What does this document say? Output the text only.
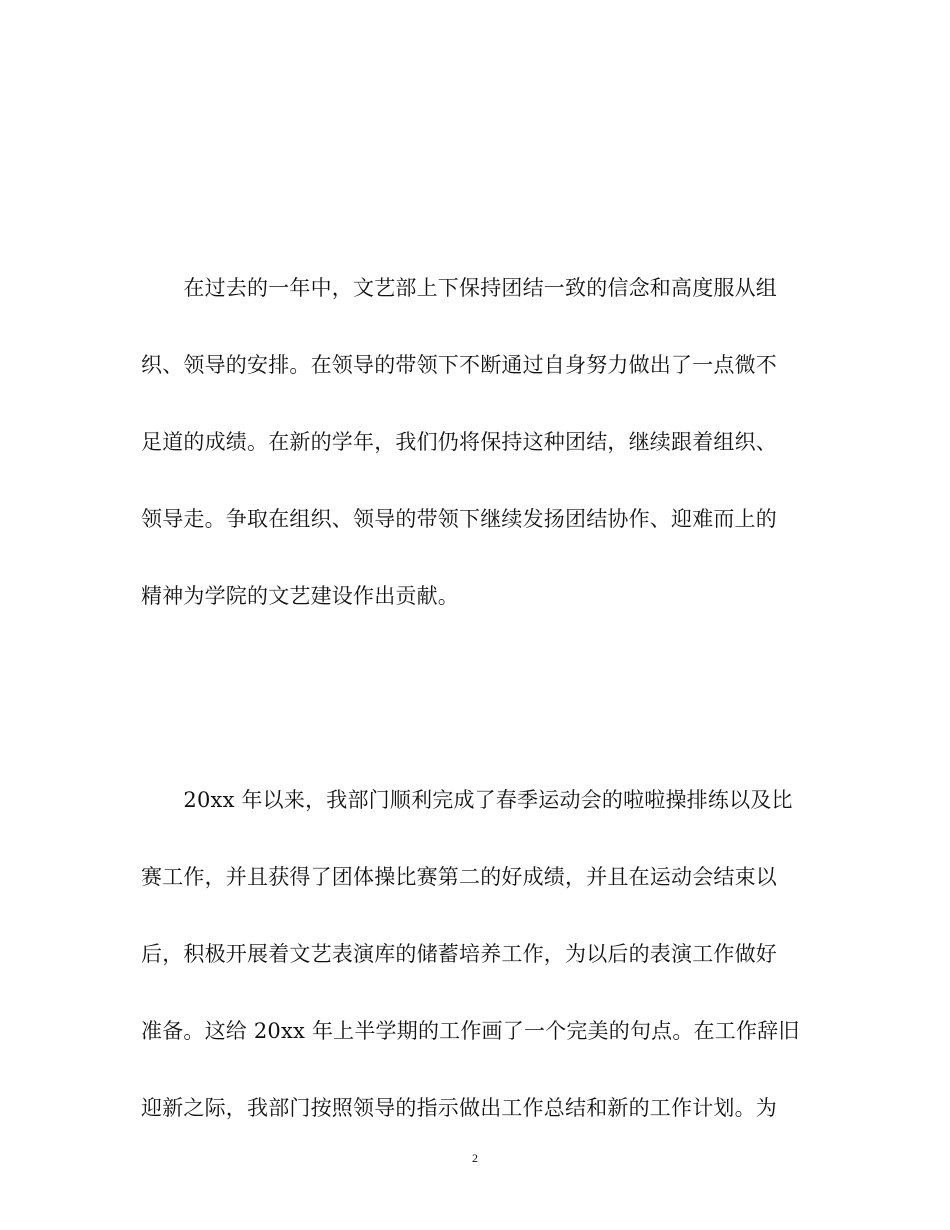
　　在过去的一年中，文艺部上下保持团结一致的信念和高度服从组
织、领导的安排。在领导的带领下不断通过自身努力做出了一点微不
足道的成绩。在新的学年，我们仍将保持这种团结，继续跟着组织、
领导走。争取在组织、领导的带领下继续发扬团结协作、迎难而上的
精神为学院的文艺建设作出贡献。
　　20xx 年以来，我部门顺利完成了春季运动会的啦啦操排练以及比
赛工作，并且获得了团体操比赛第二的好成绩，并且在运动会结束以
后，积极开展着文艺表演库的储蓄培养工作，为以后的表演工作做好
准备。这给 20xx 年上半学期的工作画了一个完美的句点。在工作辞旧
迎新之际，我部门按照领导的指示做出工作总结和新的工作计划。为
2
